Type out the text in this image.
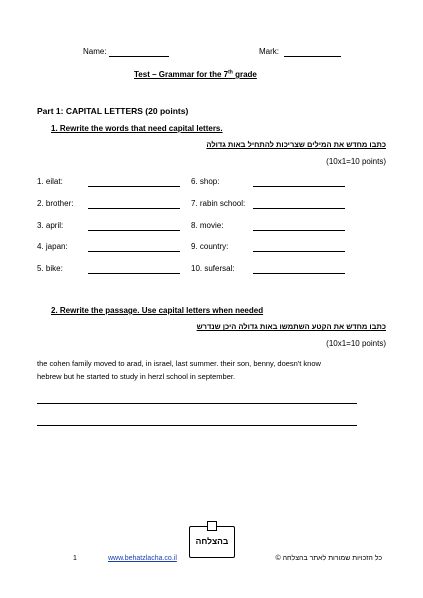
Name:	Mark:
Test – Grammar for the 7th grade
Part 1: CAPITAL LETTERS (20 points)
1. Rewrite the words that need capital letters.
כתבו מחדש את המילים שצריכות להתחיל באות גדולה
(10x1=10 points)
1. eilat:
2. brother:
3. april:
4. japan:
5. bike:
6. shop:
7. rabin school:
8. movie:
9. country:
10. sufersal:
2. Rewrite the passage. Use capital letters when needed
כתבו מחדש את הקטע השתמשו באות גדולה היכן שנדרש
(10x1=10 points)
the cohen family moved to arad, in israel, last summer. their son, benny, doesn't know
hebrew but he started to study in herzl school in september.
בהצלחה
1	www.behatzlacha.co.il	כל הזכויות שמורות לאתר בהצלחה ©
